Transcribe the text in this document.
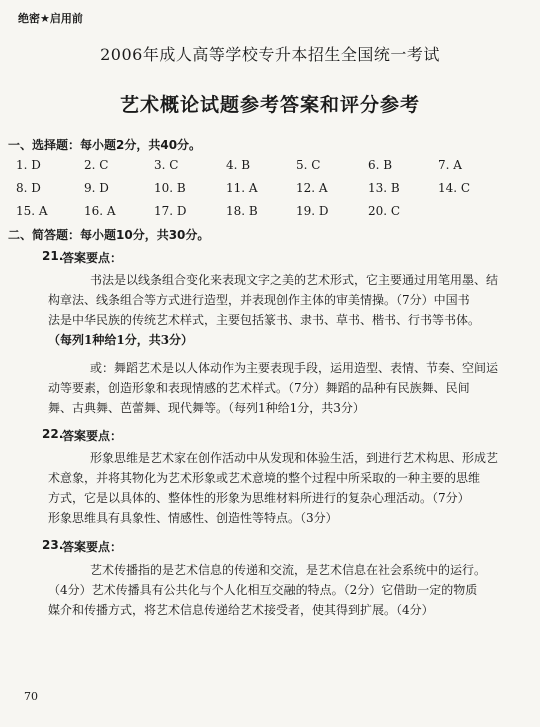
绝密★启用前
2006年成人高等学校专升本招生全国统一考试
艺术概论试题参考答案和评分参考
一、选择题：每小题2分，共40分。
1. D	2. C	3. C	4. B	5. C	6. B	7. A
8. D	9. D	10. B	11. A	12. A	13. B	14. C
15. A	16. A	17. D	18. B	19. D	20. C
二、简答题：每小题10分，共30分。
21.
答案要点：
书法是以线条组合变化来表现文字之美的艺术形式，它主要通过用笔用墨、结
构章法、线条组合等方式进行造型，并表现创作主体的审美情操。（7分）中国书
法是中华民族的传统艺术样式，主要包括篆书、隶书、草书、楷书、行书等书体。
（每列1种给1分，共3分）
或：舞蹈艺术是以人体动作为主要表现手段，运用造型、表情、节奏、空间运
动等要素，创造形象和表现情感的艺术样式。（7分）舞蹈的品种有民族舞、民间
舞、古典舞、芭蕾舞、现代舞等。（每列1种给1分，共3分）
22.
答案要点：
形象思维是艺术家在创作活动中从发现和体验生活，到进行艺术构思、形成艺
术意象，并将其物化为艺术形象或艺术意境的整个过程中所采取的一种主要的思维
方式，它是以具体的、整体性的形象为思维材料所进行的复杂心理活动。（7分）
形象思维具有具象性、情感性、创造性等特点。（3分）
23.
答案要点：
艺术传播指的是艺术信息的传递和交流，是艺术信息在社会系统中的运行。
（4分）艺术传播具有公共化与个人化相互交融的特点。（2分）它借助一定的物质
媒介和传播方式，将艺术信息传递给艺术接受者，使其得到扩展。（4分）
70
